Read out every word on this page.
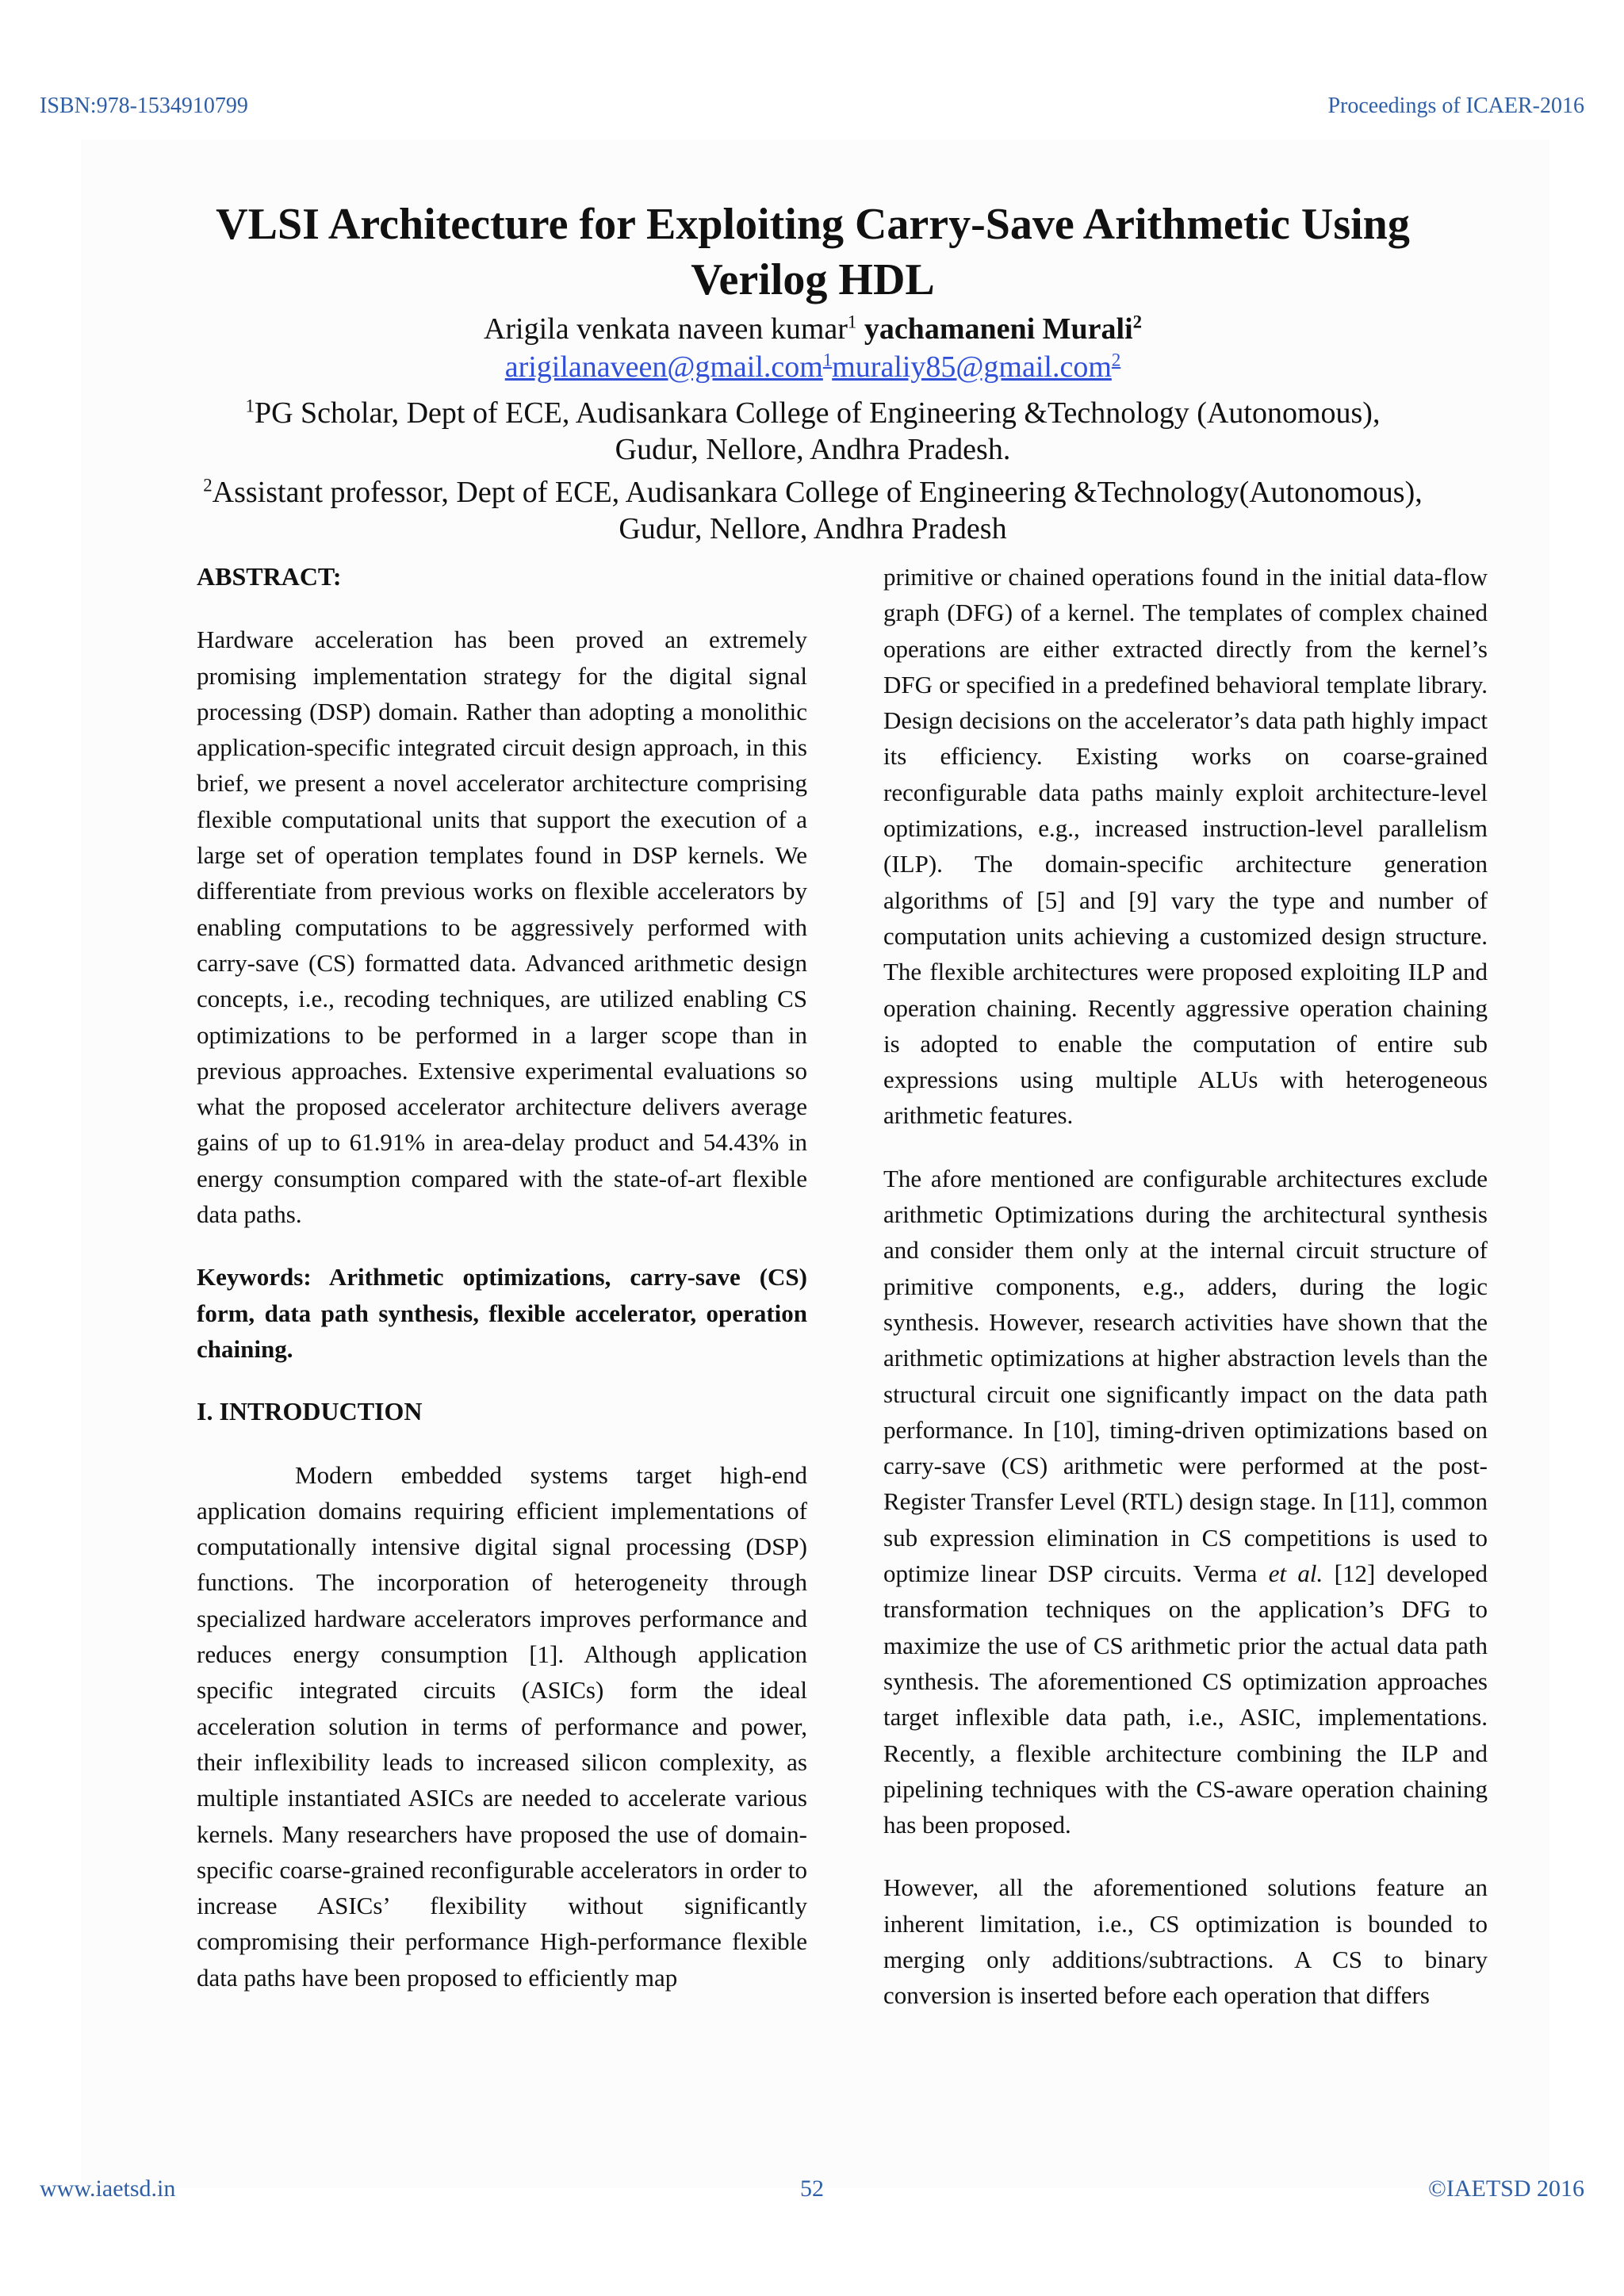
ISBN:978-1534910799	Proceedings of ICAER-2016
VLSI Architecture for Exploiting Carry-Save Arithmetic Using Verilog HDL
Arigila venkata naveen kumar$^1$ yachamaneni Murali$^2$
arigilanaveen@gmail.com$^1$muraliy85@gmail.com$^2$
$^1$PG Scholar, Dept of ECE, Audisankara College of Engineering &Technology (Autonomous),
Gudur, Nellore, Andhra Pradesh.
$^2$Assistant professor, Dept of ECE, Audisankara College of Engineering &Technology(Autonomous),
Gudur, Nellore, Andhra Pradesh

ABSTRACT:

Hardware acceleration has been proved an extremely promising implementation strategy for the digital signal processing (DSP) domain. Rather than adopting a monolithic application-specific integrated circuit design approach, in this brief, we present a novel accelerator architecture comprising flexible computational units that support the execution of a large set of operation templates found in DSP kernels. We differentiate from previous works on flexible accelerators by enabling computations to be aggressively performed with carry-save (CS) formatted data. Advanced arithmetic design concepts, i.e., recoding techniques, are utilized enabling CS optimizations to be performed in a larger scope than in previous approaches. Extensive experimental evaluations so what the proposed accelerator architecture delivers average gains of up to 61.91% in area-delay product and 54.43% in energy consumption compared with the state-of-art flexible data paths.

Keywords: Arithmetic optimizations, carry-save (CS) form, data path synthesis, flexible accelerator, operation chaining.

I. INTRODUCTION

Modern embedded systems target high-end application domains requiring efficient implementations of computationally intensive digital signal processing (DSP) functions. The incorporation of heterogeneity through specialized hardware accelerators improves performance and reduces energy consumption [1]. Although application specific integrated circuits (ASICs) form the ideal acceleration solution in terms of performance and power, their inflexibility leads to increased silicon complexity, as multiple instantiated ASICs are needed to accelerate various kernels. Many researchers have proposed the use of domain-specific coarse-grained reconfigurable accelerators in order to increase ASICs’ flexibility without significantly compromising their performance High-performance flexible data paths have been proposed to efficiently map

primitive or chained operations found in the initial data-flow graph (DFG) of a kernel. The templates of complex chained operations are either extracted directly from the kernel’s DFG or specified in a predefined behavioral template library. Design decisions on the accelerator’s data path highly impact its efficiency. Existing works on coarse-grained reconfigurable data paths mainly exploit architecture-level optimizations, e.g., increased instruction-level parallelism (ILP). The domain-specific architecture generation algorithms of [5] and [9] vary the type and number of computation units achieving a customized design structure. The flexible architectures were proposed exploiting ILP and operation chaining. Recently aggressive operation chaining is adopted to enable the computation of entire sub expressions using multiple ALUs with heterogeneous arithmetic features.

The afore mentioned are configurable architectures exclude arithmetic Optimizations during the architectural synthesis and consider them only at the internal circuit structure of primitive components, e.g., adders, during the logic synthesis. However, research activities have shown that the arithmetic optimizations at higher abstraction levels than the structural circuit one significantly impact on the data path performance. In [10], timing-driven optimizations based on carry-save (CS) arithmetic were performed at the post-Register Transfer Level (RTL) design stage. In [11], common sub expression elimination in CS competitions is used to optimize linear DSP circuits. Verma et al. [12] developed transformation techniques on the application’s DFG to maximize the use of CS arithmetic prior the actual data path synthesis. The aforementioned CS optimization approaches target inflexible data path, i.e., ASIC, implementations. Recently, a flexible architecture combining the ILP and pipelining techniques with the CS-aware operation chaining has been proposed.

However, all the aforementioned solutions feature an inherent limitation, i.e., CS optimization is bounded to merging only additions/subtractions. A CS to binary conversion is inserted before each operation that differs

www.iaetsd.in	52	©IAETSD 2016
